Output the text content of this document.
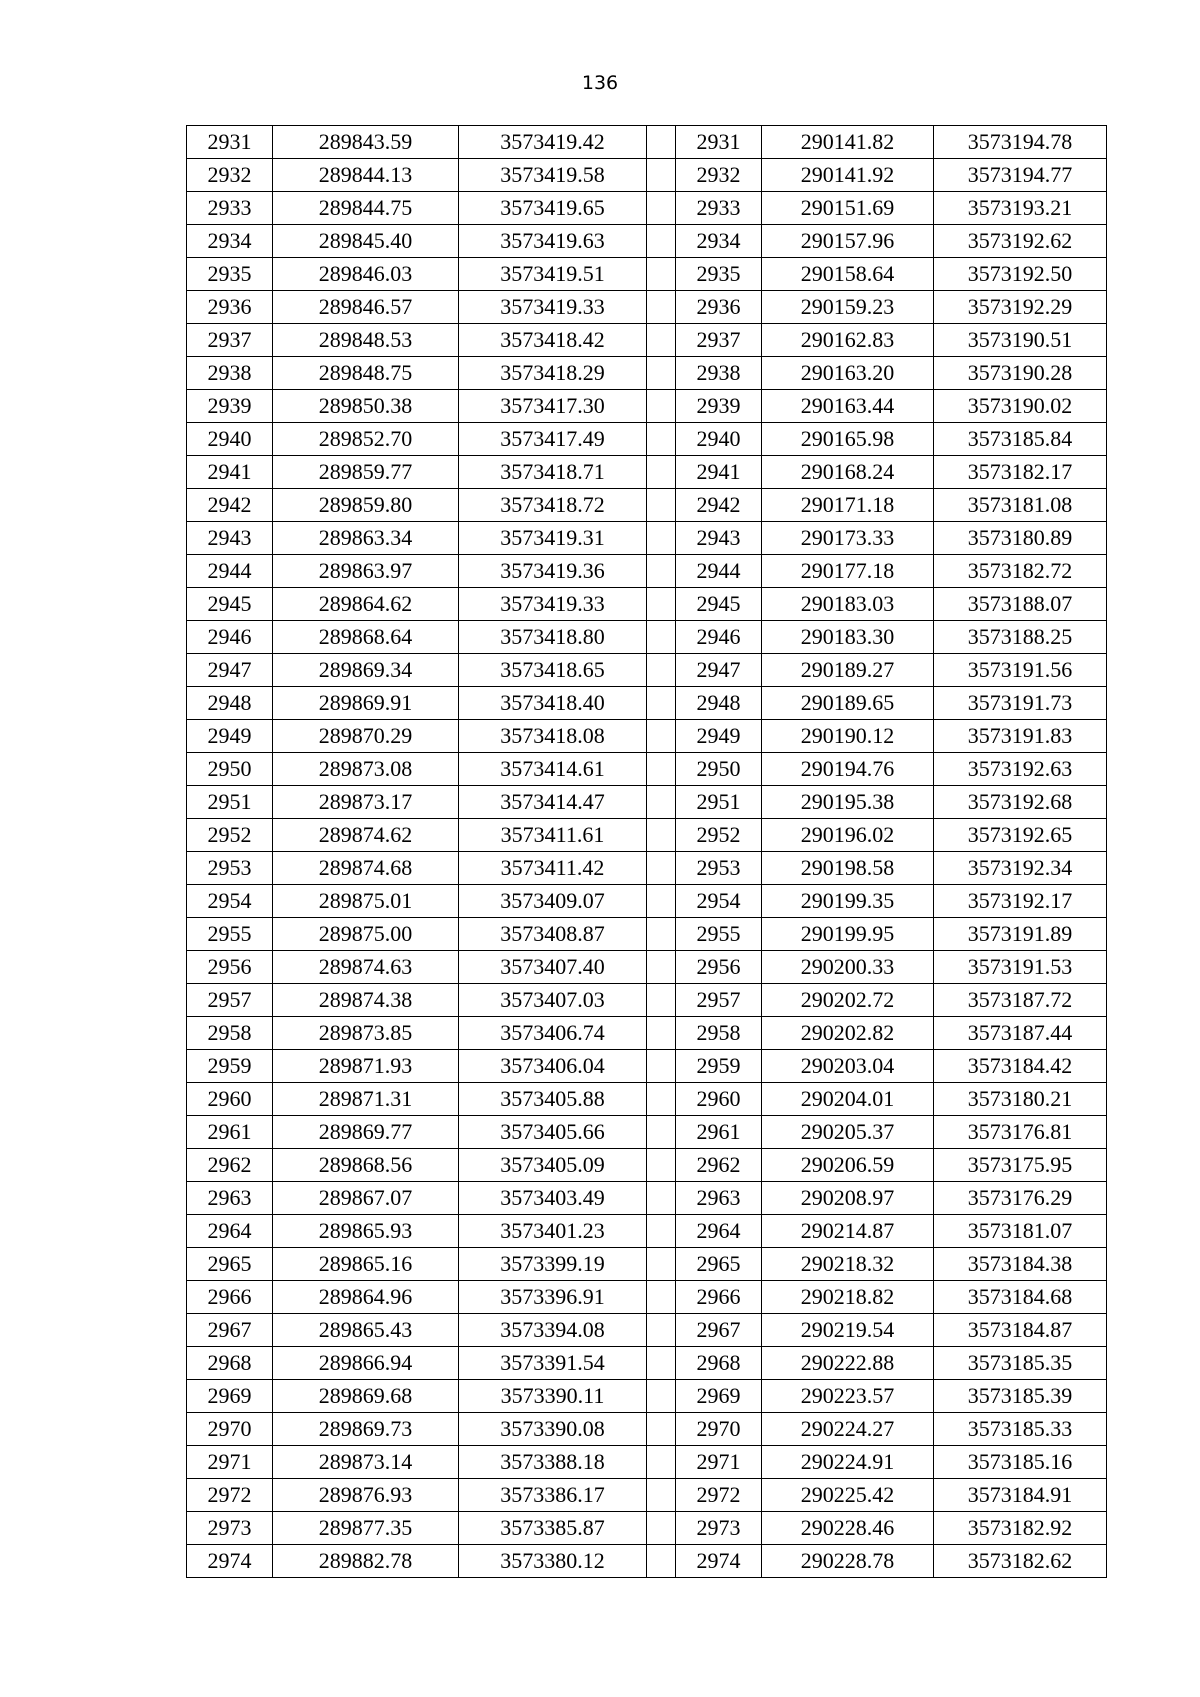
136
2931	289843.59	3573419.42		2931	290141.82	3573194.78
2932	289844.13	3573419.58		2932	290141.92	3573194.77
2933	289844.75	3573419.65		2933	290151.69	3573193.21
2934	289845.40	3573419.63		2934	290157.96	3573192.62
2935	289846.03	3573419.51		2935	290158.64	3573192.50
2936	289846.57	3573419.33		2936	290159.23	3573192.29
2937	289848.53	3573418.42		2937	290162.83	3573190.51
2938	289848.75	3573418.29		2938	290163.20	3573190.28
2939	289850.38	3573417.30		2939	290163.44	3573190.02
2940	289852.70	3573417.49		2940	290165.98	3573185.84
2941	289859.77	3573418.71		2941	290168.24	3573182.17
2942	289859.80	3573418.72		2942	290171.18	3573181.08
2943	289863.34	3573419.31		2943	290173.33	3573180.89
2944	289863.97	3573419.36		2944	290177.18	3573182.72
2945	289864.62	3573419.33		2945	290183.03	3573188.07
2946	289868.64	3573418.80		2946	290183.30	3573188.25
2947	289869.34	3573418.65		2947	290189.27	3573191.56
2948	289869.91	3573418.40		2948	290189.65	3573191.73
2949	289870.29	3573418.08		2949	290190.12	3573191.83
2950	289873.08	3573414.61		2950	290194.76	3573192.63
2951	289873.17	3573414.47		2951	290195.38	3573192.68
2952	289874.62	3573411.61		2952	290196.02	3573192.65
2953	289874.68	3573411.42		2953	290198.58	3573192.34
2954	289875.01	3573409.07		2954	290199.35	3573192.17
2955	289875.00	3573408.87		2955	290199.95	3573191.89
2956	289874.63	3573407.40		2956	290200.33	3573191.53
2957	289874.38	3573407.03		2957	290202.72	3573187.72
2958	289873.85	3573406.74		2958	290202.82	3573187.44
2959	289871.93	3573406.04		2959	290203.04	3573184.42
2960	289871.31	3573405.88		2960	290204.01	3573180.21
2961	289869.77	3573405.66		2961	290205.37	3573176.81
2962	289868.56	3573405.09		2962	290206.59	3573175.95
2963	289867.07	3573403.49		2963	290208.97	3573176.29
2964	289865.93	3573401.23		2964	290214.87	3573181.07
2965	289865.16	3573399.19		2965	290218.32	3573184.38
2966	289864.96	3573396.91		2966	290218.82	3573184.68
2967	289865.43	3573394.08		2967	290219.54	3573184.87
2968	289866.94	3573391.54		2968	290222.88	3573185.35
2969	289869.68	3573390.11		2969	290223.57	3573185.39
2970	289869.73	3573390.08		2970	290224.27	3573185.33
2971	289873.14	3573388.18		2971	290224.91	3573185.16
2972	289876.93	3573386.17		2972	290225.42	3573184.91
2973	289877.35	3573385.87		2973	290228.46	3573182.92
2974	289882.78	3573380.12		2974	290228.78	3573182.62
